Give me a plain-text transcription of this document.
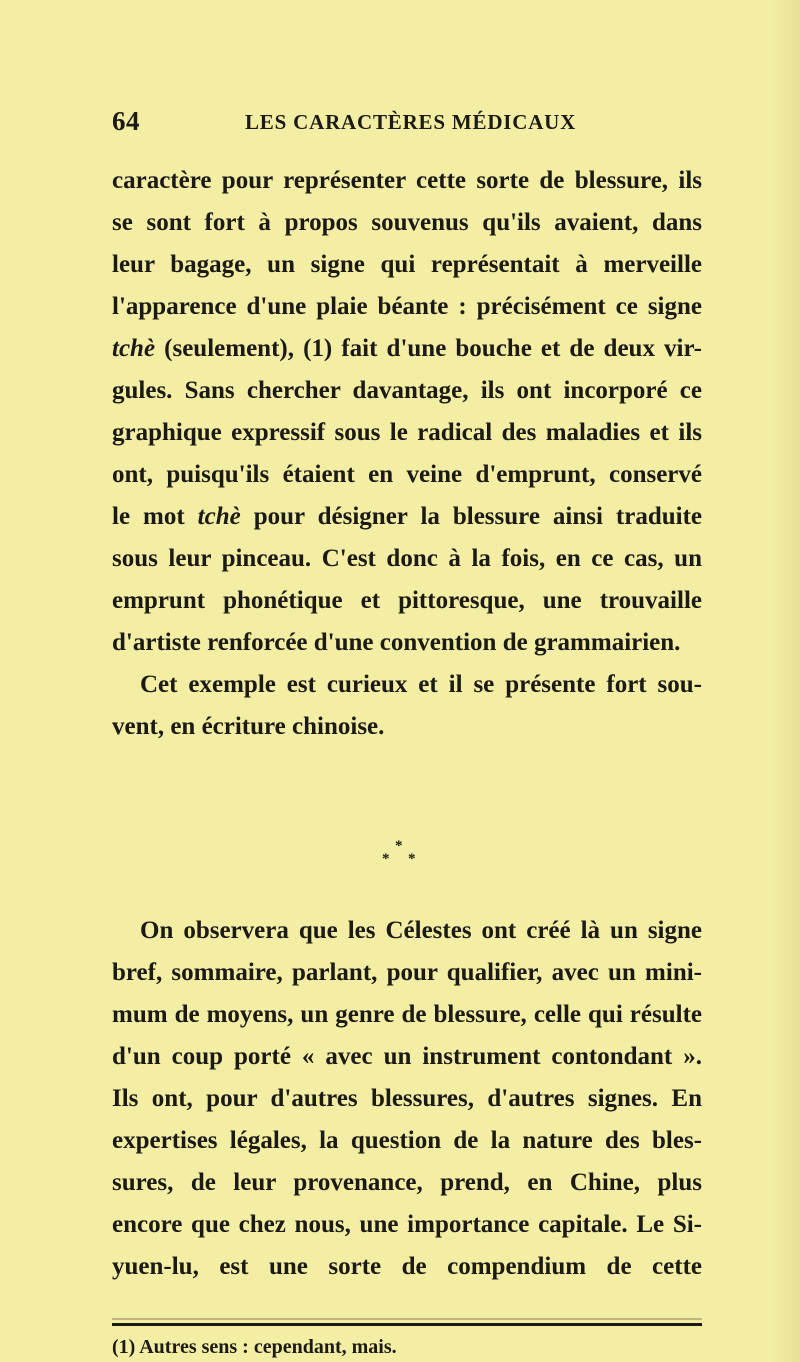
64	LES CARACTÈRES MÉDICAUX

caractère pour représenter cette sorte de blessure, ils
se sont fort à propos souvenus qu'ils avaient, dans
leur bagage, un signe qui représentait à merveille
l'apparence d'une plaie béante : précisément ce signe
tchè (seulement), (1) fait d'une bouche et de deux vir-
gules. Sans chercher davantage, ils ont incorporé ce
graphique expressif sous le radical des maladies et ils
ont, puisqu'ils étaient en veine d'emprunt, conservé
le mot tchè pour désigner la blessure ainsi traduite
sous leur pinceau. C'est donc à la fois, en ce cas, un
emprunt phonétique et pittoresque, une trouvaille
d'artiste renforcée d'une convention de grammairien.

Cet exemple est curieux et il se présente fort sou-
vent, en écriture chinoise.

*
* *

On observera que les Célestes ont créé là un signe
bref, sommaire, parlant, pour qualifier, avec un mini-
mum de moyens, un genre de blessure, celle qui résulte
d'un coup porté « avec un instrument contondant ».
Ils ont, pour d'autres blessures, d'autres signes. En
expertises légales, la question de la nature des bles-
sures, de leur provenance, prend, en Chine, plus
encore que chez nous, une importance capitale. Le Si-
yuen-lu, est une sorte de compendium de cette

(1) Autres sens : cependant, mais.
